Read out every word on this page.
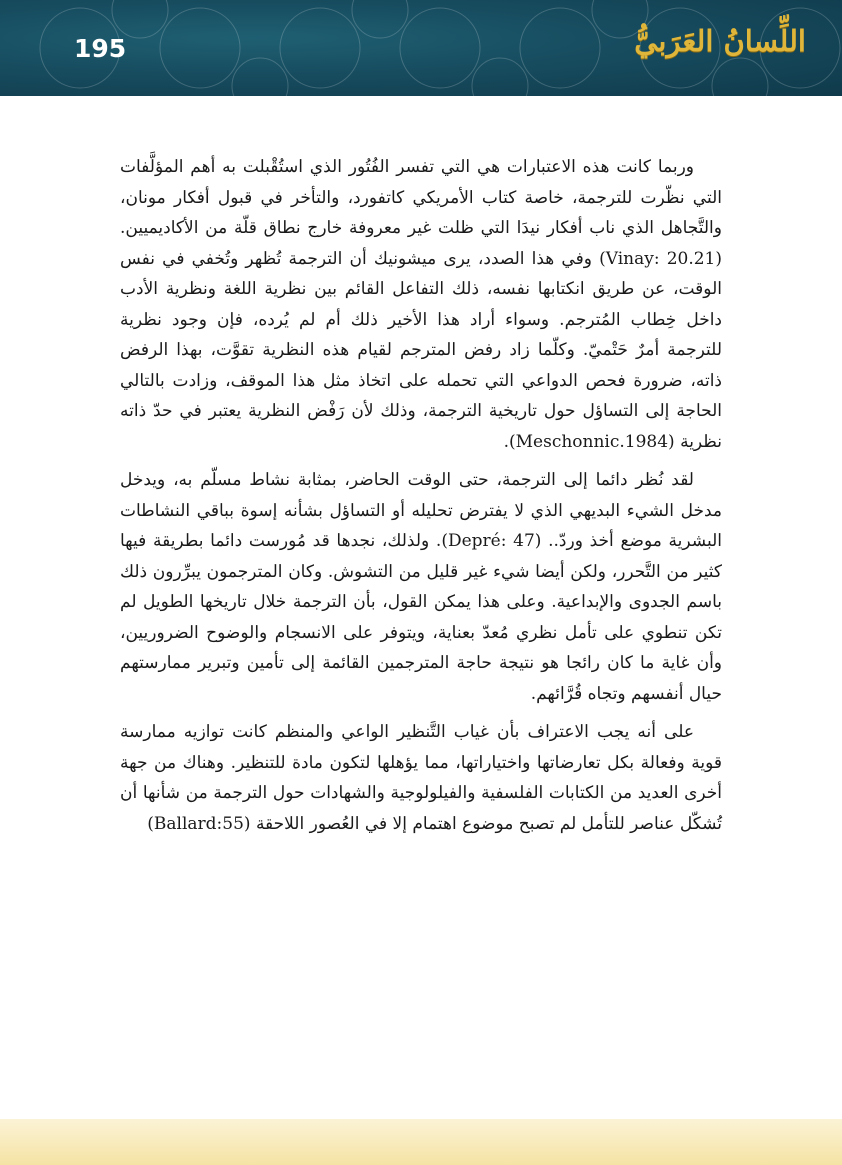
195	اللِّسانُ العَرَبيُّ

وربما كانت هذه الاعتبارات هي التي تفسر الفُتُور الذي استُقْبلت به أهم المؤلَّفات التي نظّرت للترجمة، خاصة كتاب الأمريكي كاتفورد، والتأخر في قبول أفكار مونان، والتَّجاهل الذي ناب أفكار نيدَا التي ظلت غير معروفة خارج نطاق قلّة من الأكاديميين.(Vinay: 20.21) وفي هذا الصدد، يرى ميشونيك أن الترجمة تُظهر وتُخفي في نفس الوقت، عن طريق انكتابها نفسه، ذلك التفاعل القائم بين نظرية اللغة ونظرية الأدب داخل خِطاب المُترجم. وسواء أراد هذا الأخير ذلك أم لم يُرده، فإن وجود نظرية للترجمة أمرٌ حَتْميّ. وكلّما زاد رفض المترجم لقيام هذه النظرية تقوَّت، بهذا الرفض ذاته، ضرورة فحص الدواعي التي تحمله على اتخاذ مثل هذا الموقف، وزادت بالتالي الحاجة إلى التساؤل حول تاريخية الترجمة، وذلك لأن رَفْض النظرية يعتبر في حدّ ذاته نظرية (Meschonnic.1984).

لقد نُظر دائما إلى الترجمة، حتى الوقت الحاضر، بمثابة نشاط مسلّم به، ويدخل مدخل الشيء البديهي الذي لا يفترض تحليله أو التساؤل بشأنه إسوة بباقي النشاطات البشرية موضع أخذ وردّ.. (Depré: 47). ولذلك، نجدها قد مُورست دائما بطريقة فيها كثير من التَّحرر، ولكن أيضا شيء غير قليل من التشوش. وكان المترجمون يبرِّرون ذلك باسم الجدوى والإبداعية. وعلى هذا يمكن القول، بأن الترجمة خلال تاريخها الطويل لم تكن تنطوي على تأمل نظري مُعدّ بعناية، ويتوفر على الانسجام والوضوح الضروريين، وأن غاية ما كان رائجا هو نتيجة حاجة المترجمين القائمة إلى تأمين وتبرير ممارستهم حيال أنفسهم وتجاه قُرَّائهم.

على أنه يجب الاعتراف بأن غياب التَّنظير الواعي والمنظم كانت توازيه ممارسة قوية وفعالة بكل تعارضاتها واختياراتها، مما يؤهلها لتكون مادة للتنظير. وهناك من جهة أخرى العديد من الكتابات الفلسفية والفيلولوجية والشهادات حول الترجمة من شأنها أن تُشكّل عناصر للتأمل لم تصبح موضوع اهتمام إلا في العُصور اللاحقة (Ballard:55)
